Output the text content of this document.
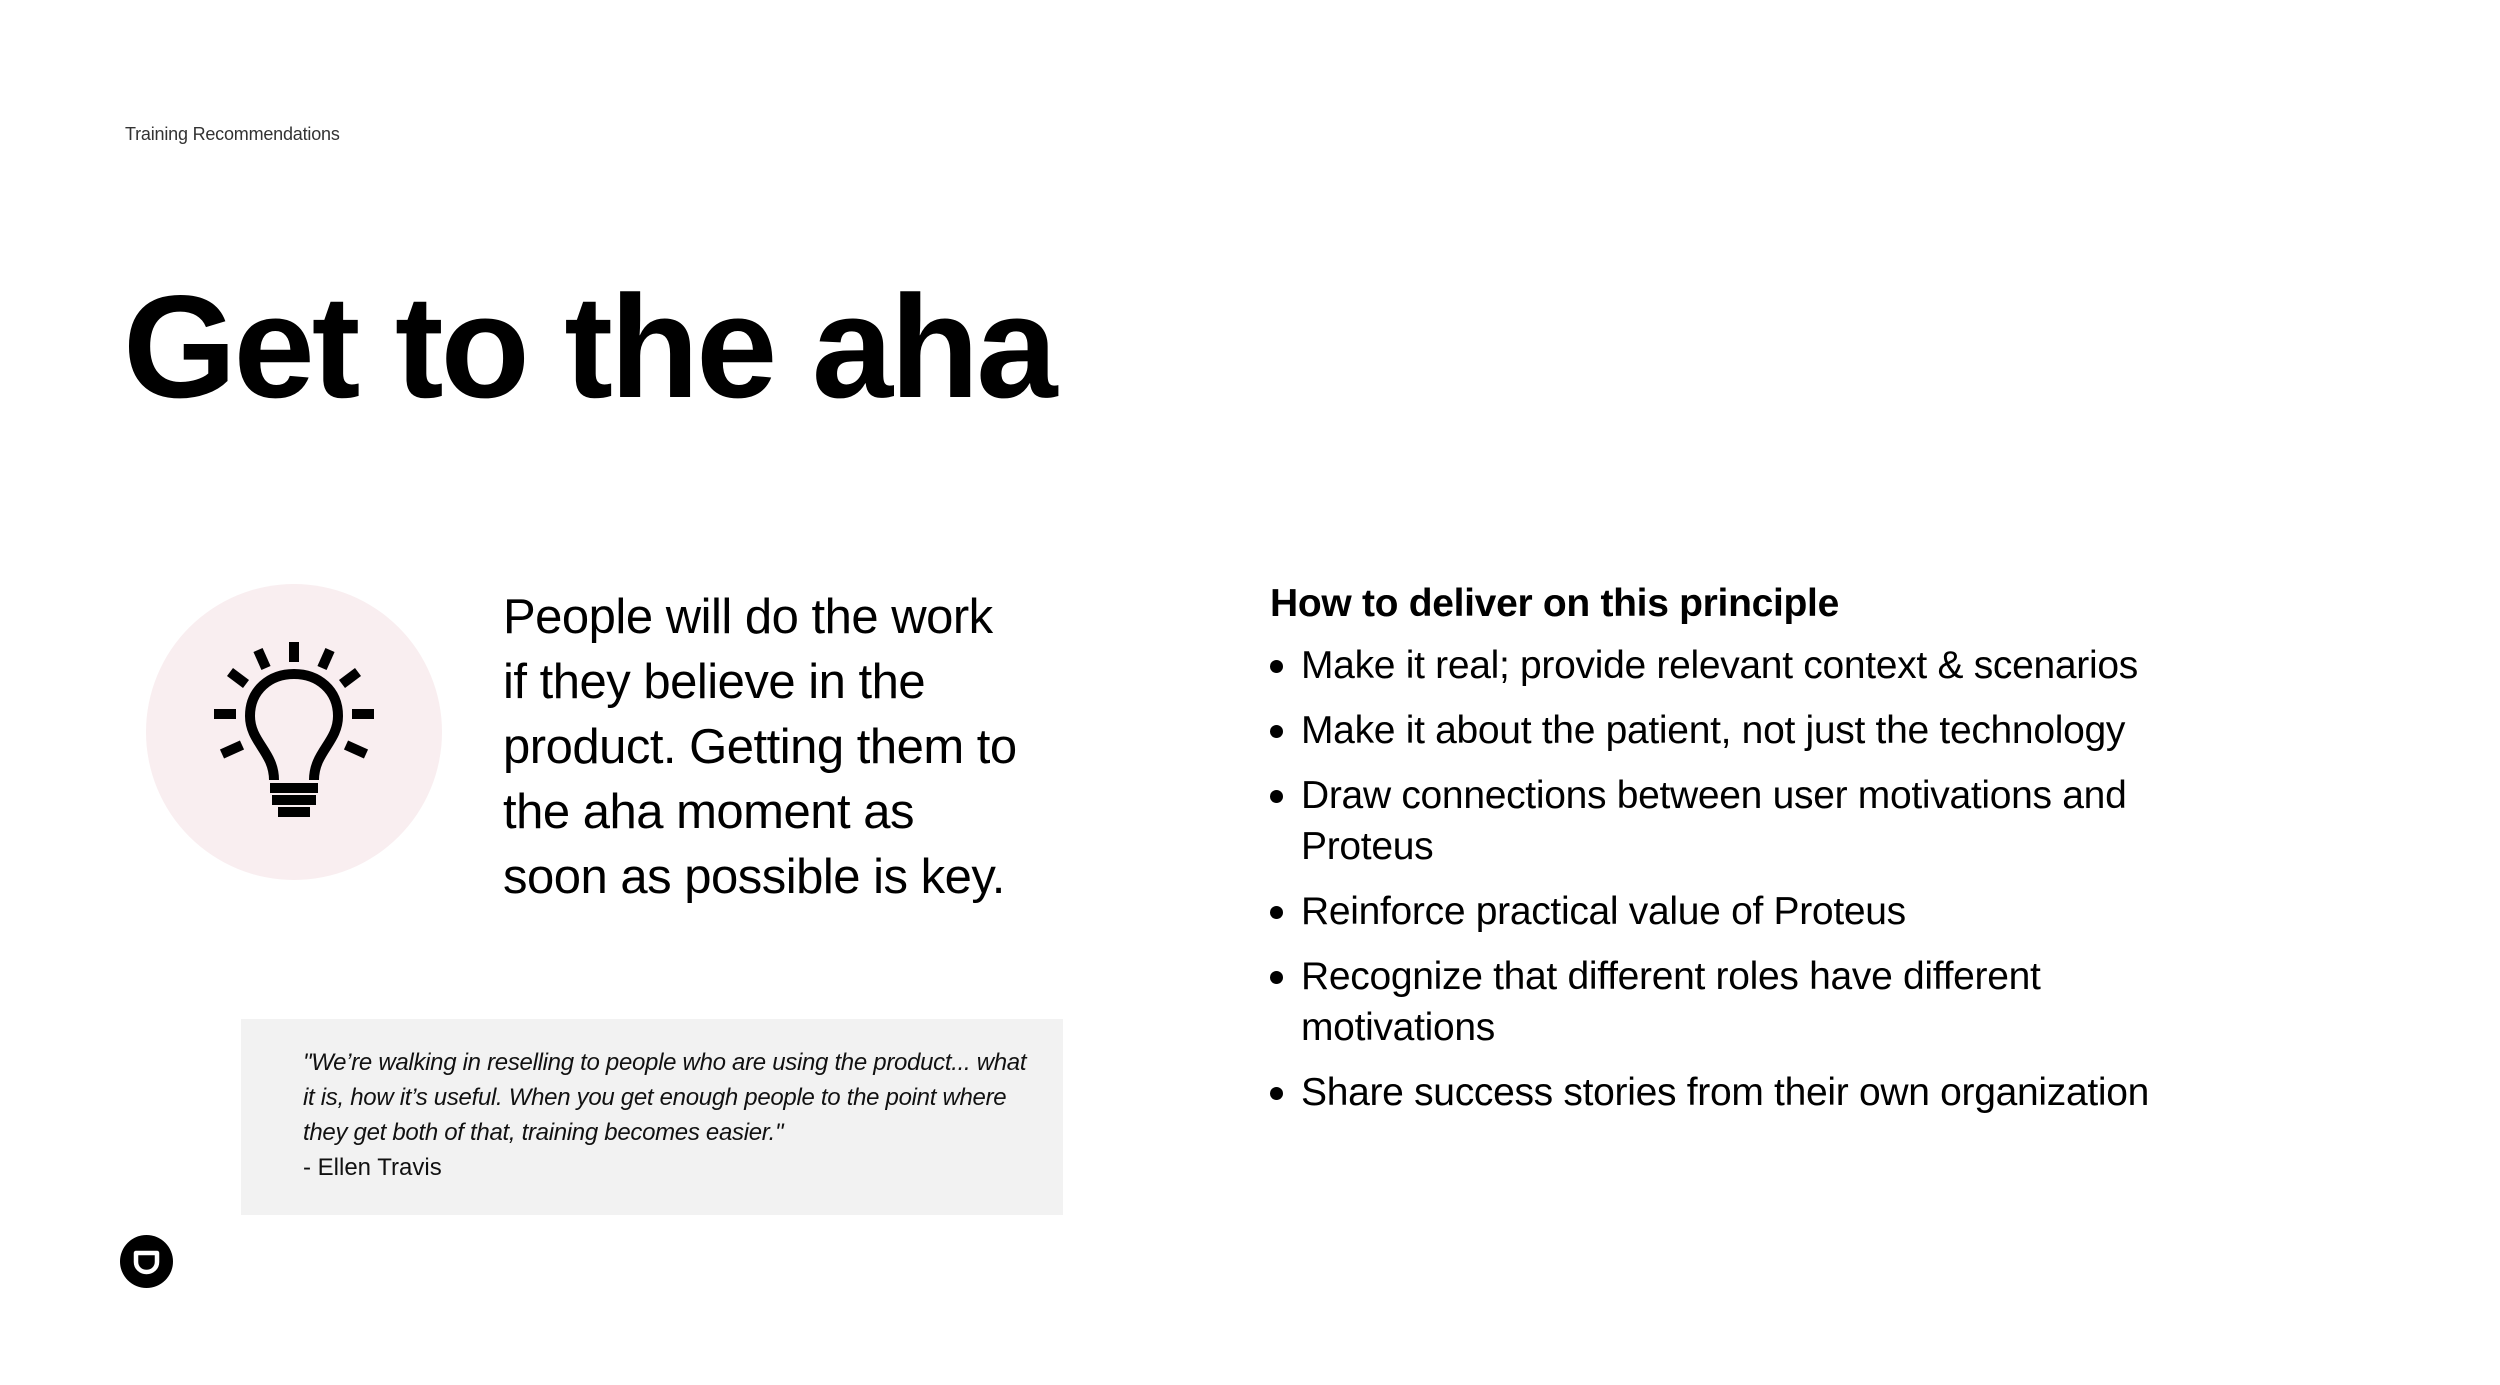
Training Recommendations
Get to the aha

People will do the work if they believe in the product. Getting them to the aha moment as soon as possible is key.

"We’re walking in reselling to people who are using the product... what it is, how it’s useful. When you get enough people to the point where they get both of that, training becomes easier."

- Ellen Travis
How to deliver on this principle
Make it real; provide relevant context & scenarios
Make it about the patient, not just the technology
Draw connections between user motivations and Proteus
Reinforce practical value of Proteus
Recognize that different roles have different motivations
Share success stories from their own organization
